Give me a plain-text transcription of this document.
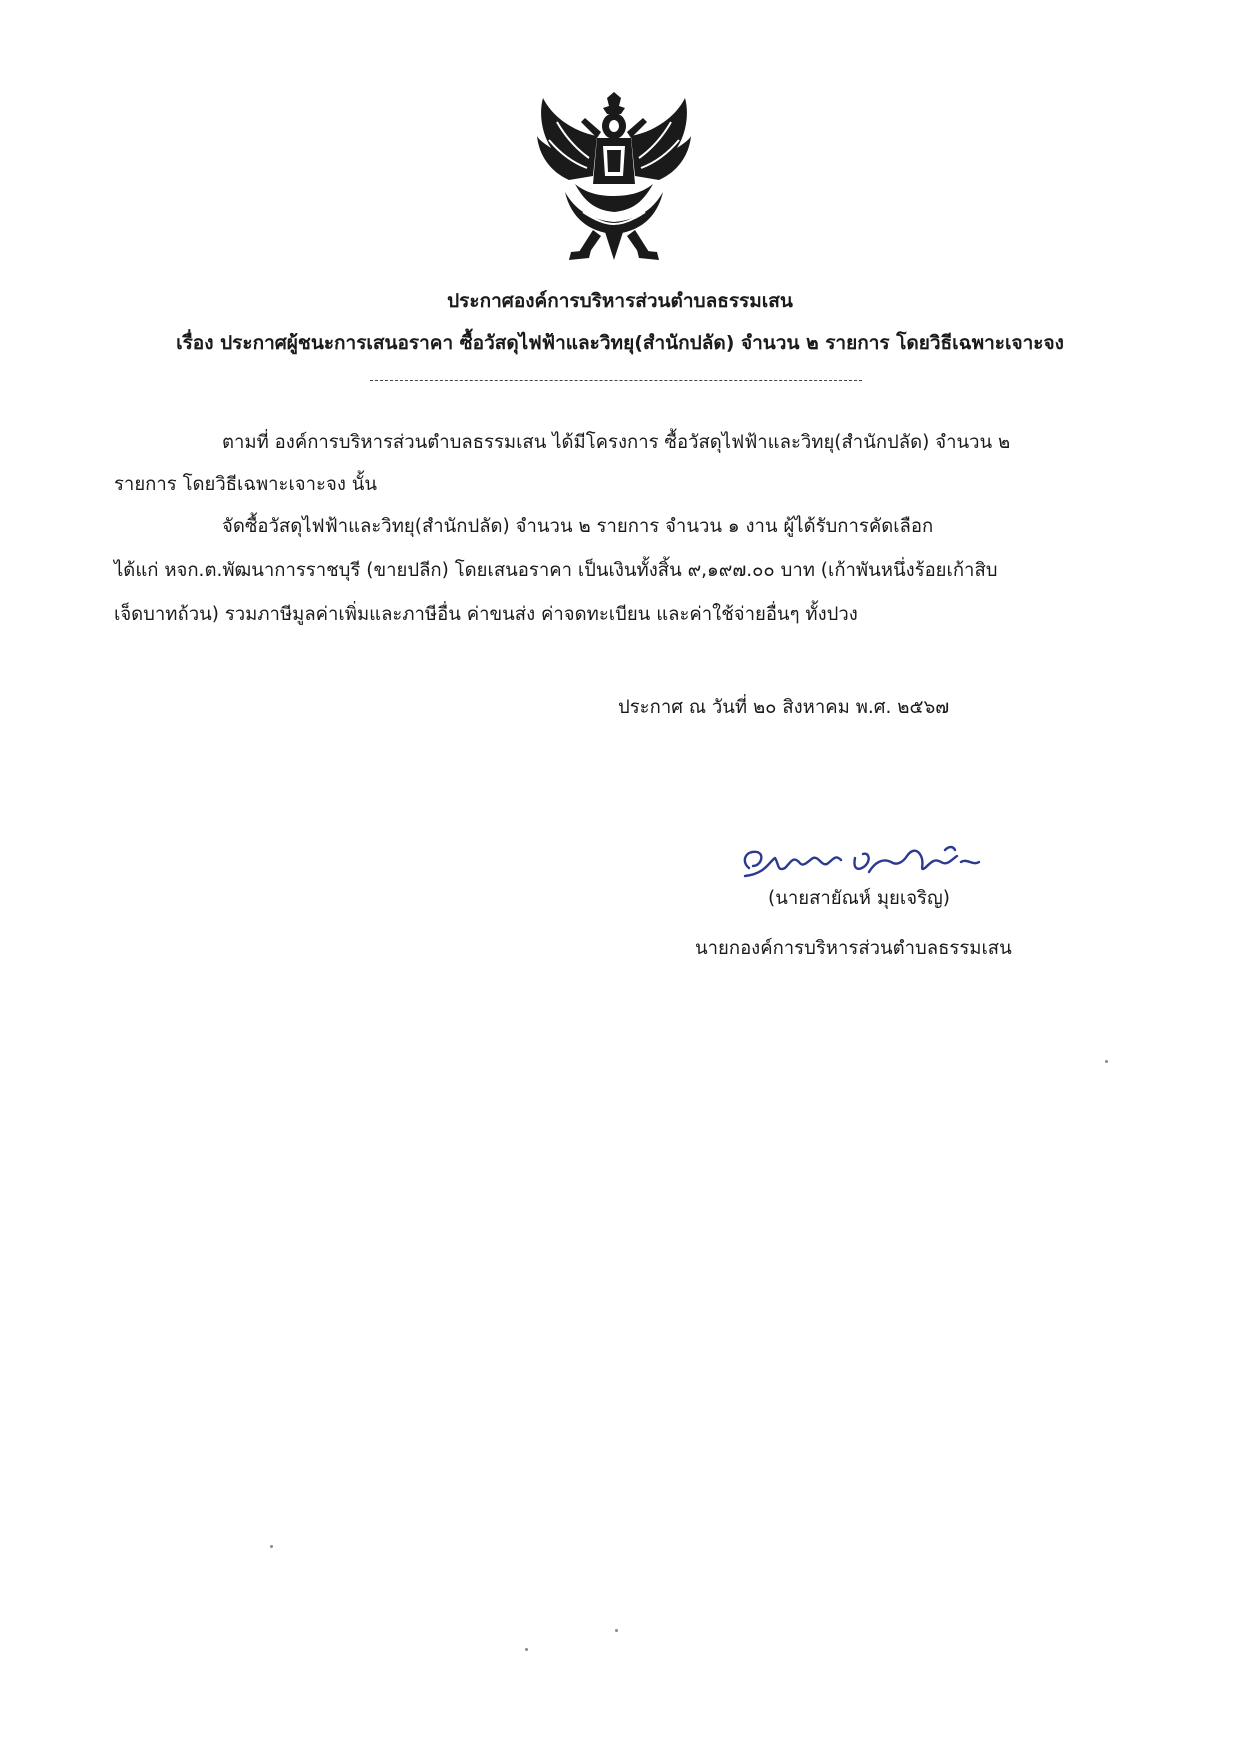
ประกาศองค์การบริหารส่วนตำบลธรรมเสน
เรื่อง ประกาศผู้ชนะการเสนอราคา ซื้อวัสดุไฟฟ้าและวิทยุ(สำนักปลัด) จำนวน ๒ รายการ โดยวิธีเฉพาะเจาะจง
ตามที่ องค์การบริหารส่วนตำบลธรรมเสน ได้มีโครงการ ซื้อวัสดุไฟฟ้าและวิทยุ(สำนักปลัด) จำนวน ๒
รายการ โดยวิธีเฉพาะเจาะจง นั้น
จัดซื้อวัสดุไฟฟ้าและวิทยุ(สำนักปลัด) จำนวน ๒ รายการ จำนวน ๑ งาน ผู้ได้รับการคัดเลือก
ได้แก่ หจก.ต.พัฒนาการราชบุรี (ขายปลีก) โดยเสนอราคา เป็นเงินทั้งสิ้น ๙,๑๙๗.๐๐ บาท (เก้าพันหนึ่งร้อยเก้าสิบ
เจ็ดบาทถ้วน) รวมภาษีมูลค่าเพิ่มและภาษีอื่น ค่าขนส่ง ค่าจดทะเบียน และค่าใช้จ่ายอื่นๆ ทั้งปวง
ประกาศ ณ วันที่ ๒๐ สิงหาคม พ.ศ. ๒๕๖๗
(นายสายัณห์ มุยเจริญ)
นายกองค์การบริหารส่วนตำบลธรรมเสน
